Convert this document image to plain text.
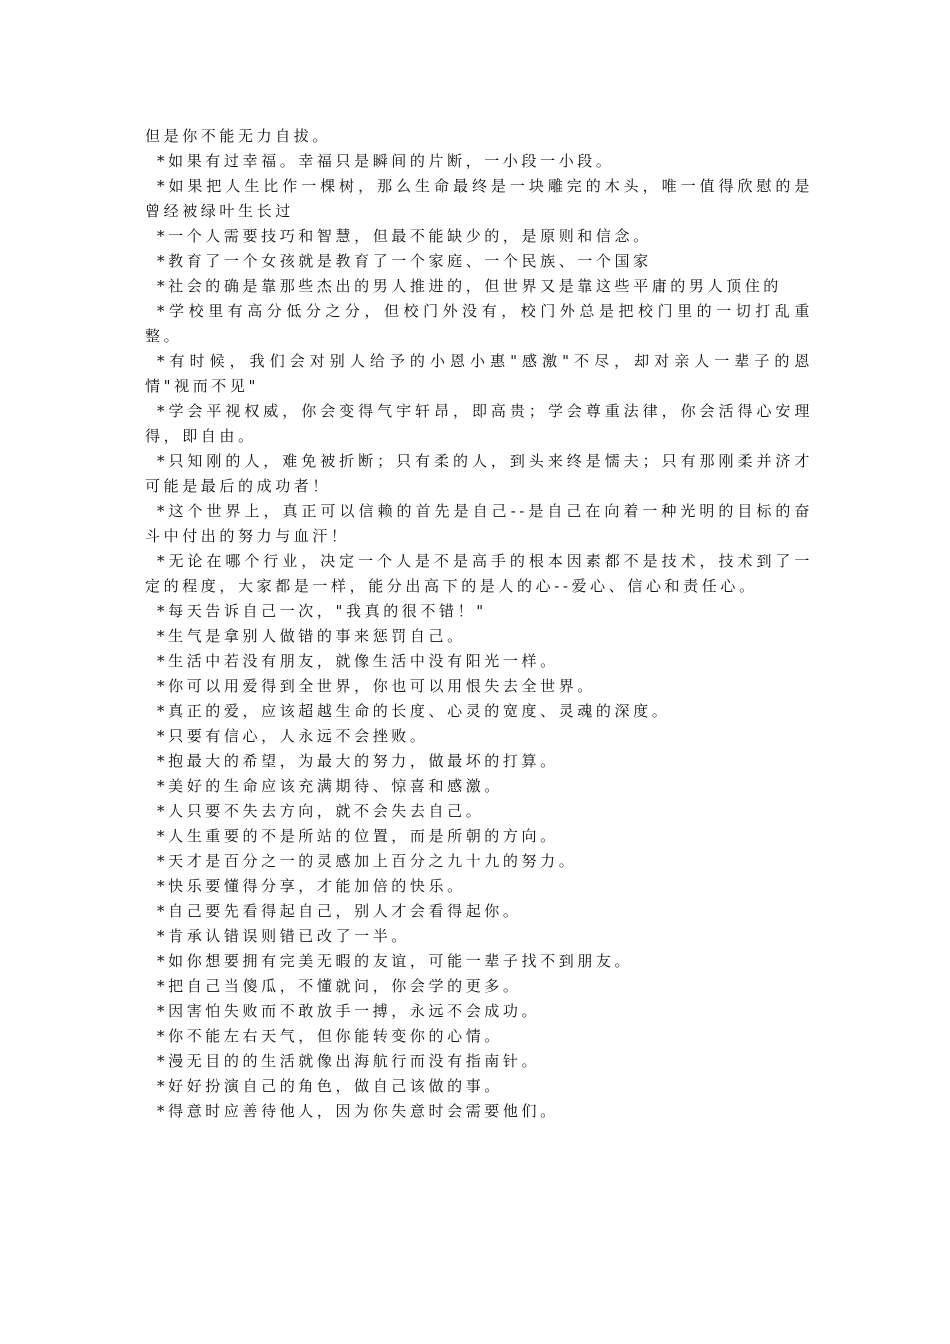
但是你不能无力自拔。

*如果有过幸福。幸福只是瞬间的片断，一小段一小段。

*如果把人生比作一棵树，那么生命最终是一块雕完的木头，唯一值得欣慰的是曾经被绿叶生长过

*一个人需要技巧和智慧，但最不能缺少的，是原则和信念。

*教育了一个女孩就是教育了一个家庭、一个民族、一个国家

*社会的确是靠那些杰出的男人推进的，但世界又是靠这些平庸的男人顶住的

*学校里有高分低分之分，但校门外没有，校门外总是把校门里的一切打乱重整。

*有时候，我们会对别人给予的小恩小惠"感激"不尽，却对亲人一辈子的恩情"视而不见"

*学会平视权威，你会变得气宇轩昂，即高贵；学会尊重法律，你会活得心安理得，即自由。

*只知刚的人，难免被折断；只有柔的人，到头来终是懦夫；只有那刚柔并济才可能是最后的成功者！

*这个世界上，真正可以信赖的首先是自己--是自己在向着一种光明的目标的奋斗中付出的努力与血汗！

*无论在哪个行业，决定一个人是不是高手的根本因素都不是技术，技术到了一定的程度，大家都是一样，能分出高下的是人的心--爱心、信心和责任心。

*每天告诉自己一次，"我真的很不错！"

*生气是拿别人做错的事来惩罚自己。

*生活中若没有朋友，就像生活中没有阳光一样。

*你可以用爱得到全世界，你也可以用恨失去全世界。

*真正的爱，应该超越生命的长度、心灵的宽度、灵魂的深度。

*只要有信心，人永远不会挫败。

*抱最大的希望，为最大的努力，做最坏的打算。

*美好的生命应该充满期待、惊喜和感激。

*人只要不失去方向，就不会失去自己。

*人生重要的不是所站的位置，而是所朝的方向。

*天才是百分之一的灵感加上百分之九十九的努力。

*快乐要懂得分享，才能加倍的快乐。

*自己要先看得起自己，别人才会看得起你。

*肯承认错误则错已改了一半。

*如你想要拥有完美无暇的友谊，可能一辈子找不到朋友。

*把自己当傻瓜，不懂就问，你会学的更多。

*因害怕失败而不敢放手一搏，永远不会成功。

*你不能左右天气，但你能转变你的心情。

*漫无目的的生活就像出海航行而没有指南针。

*好好扮演自己的角色，做自己该做的事。

*得意时应善待他人，因为你失意时会需要他们。
